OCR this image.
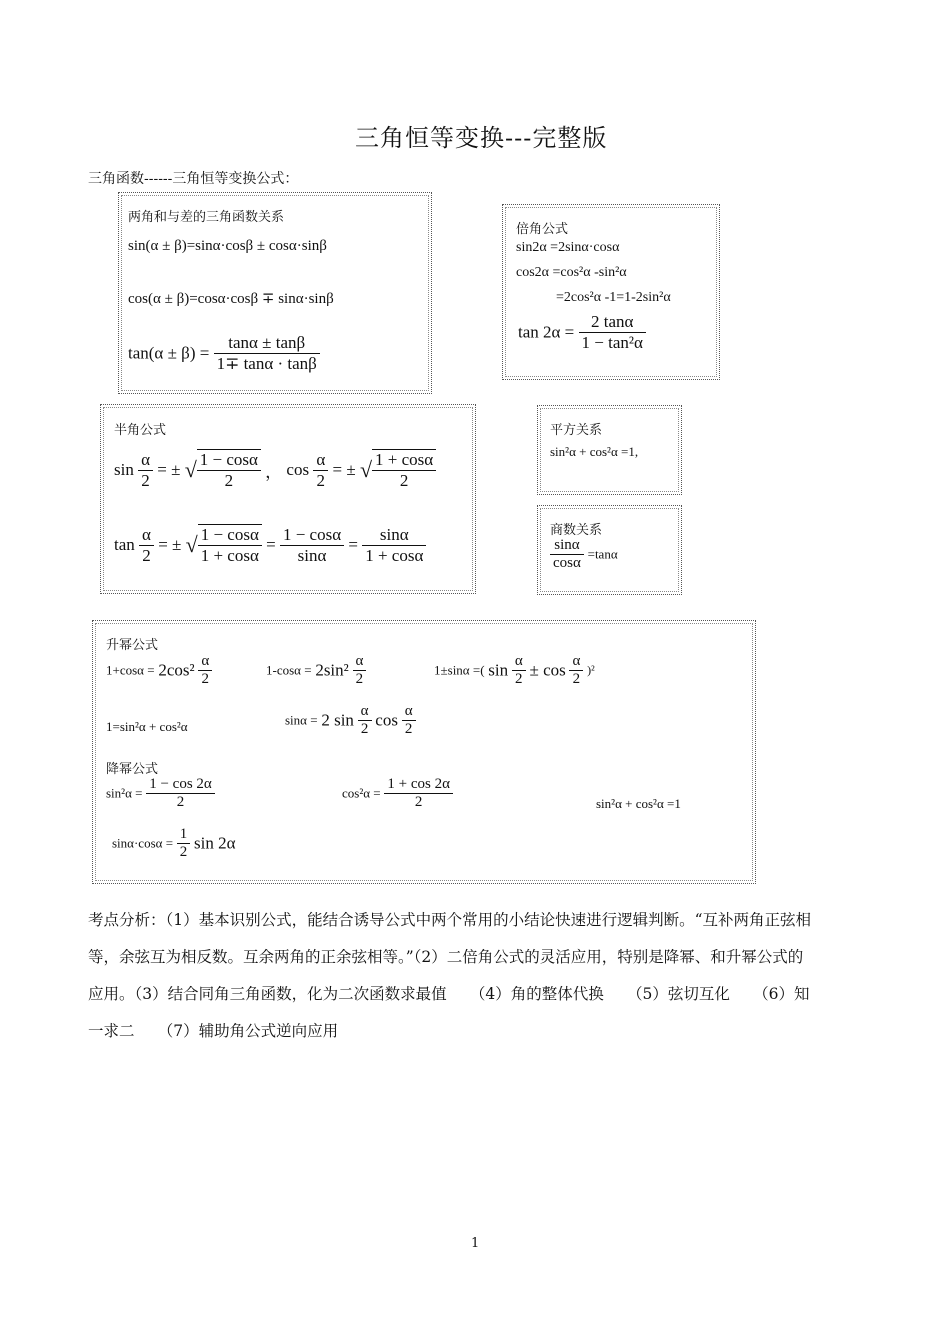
三角恒等变换---完整版
三角函数------三角恒等变换公式：
两角和与差的三角函数关系
sin(α ± β)=sinα·cosβ ± cosα·sinβ
cos(α ± β)=cosα·cosβ ∓ sinα·sinβ
$\tan(\alpha \pm \beta) = \frac{\tan\alpha \pm \tan\beta}{1\mp \tan\alpha \cdot \tan\beta}$
倍角公式
sin2α =2sinα·cosα
cos2α =cos²α -sin²α
=2cos²α -1=1-2sin²α
$\tan 2\alpha = \frac{2 \tan\alpha}{\text{1 − tan²α}}$
半角公式
$\sin \frac{\alpha}{2}$ = ± √ $\frac{1 - \cos\alpha}{2}$ ， $\cos \frac{\alpha}{2}$ = ± √ $\frac{1 + \cos\alpha}{2}$
$\tan \frac{\alpha}{2}$ = ± √ $\frac{1 - \cos\alpha}{1 + \cos\alpha} = \frac{1 - \cos\alpha}{\sin\alpha} = \frac{\sin\alpha}{1 + \cos\alpha}$
平方关系
sin²α + cos²α =1,
商数关系
$\frac{\sin\alpha}{\cos\alpha} =\tan\alpha$
升幂公式
$1+\cos\alpha = 2\cos^2 \frac{\alpha}{2}$	$1-\cos\alpha = 2\sin^2 \frac{\alpha}{2}$	1±sinα =( $\sin \frac{\alpha}{2} \pm \cos \frac{\alpha}{2} )^2$
1=sin²α + cos²α	sinα = 2 $\sin \frac{\alpha}{2}$ $\cos \frac{\alpha}{2}$
降幂公式
$\sin^2\alpha = \frac{1 - \cos 2\alpha}{2}$	$\cos^2\alpha = \frac{1 + \cos 2\alpha}{2}$	sin²α + cos²α =1
$\sin\alpha\cdot\cos\alpha = \frac{1}{2}$ sin 2α
考点分析：（1）基本识别公式，能结合诱导公式中两个常用的小结论快速进行逻辑判断。“互补两角正弦相
等，余弦互为相反数。互余两角的正余弦相等。”（2）二倍角公式的灵活应用，特别是降幂、和升幂公式的
应用。（3）结合同角三角函数，化为二次函数求最值　　（4）角的整体代换　　（5）弦切互化　　（6）知
一求二　　（7）辅助角公式逆向应用
1
